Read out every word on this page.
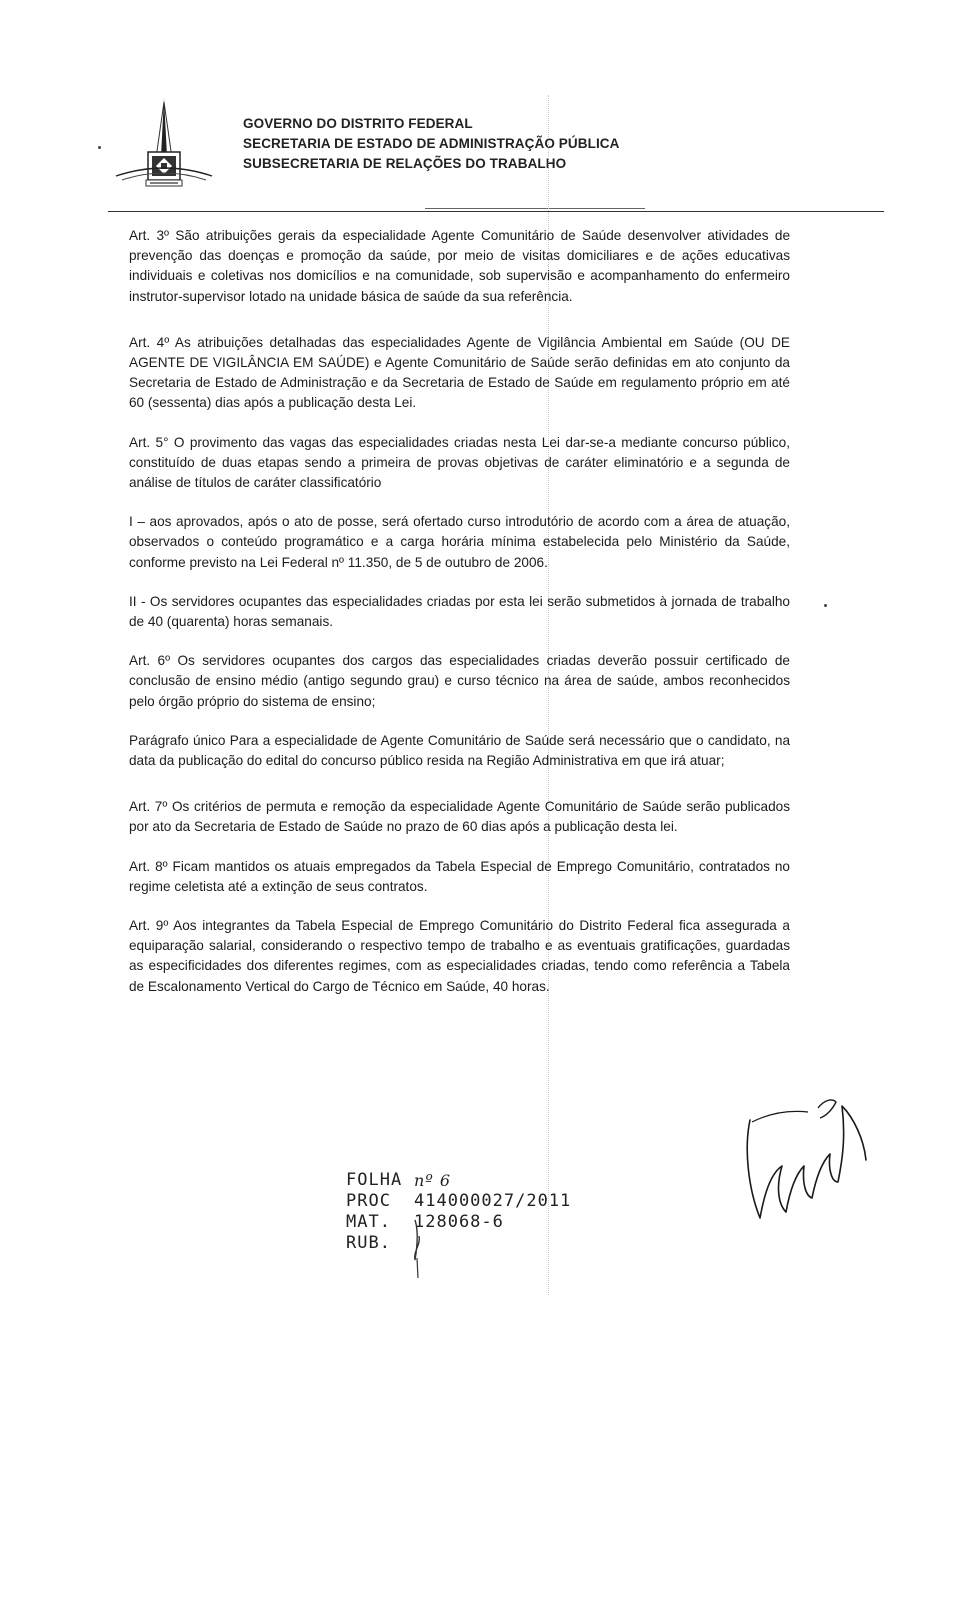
GOVERNO DO DISTRITO FEDERAL
SECRETARIA DE ESTADO DE ADMINISTRAÇÃO PÚBLICA
SUBSECRETARIA DE RELAÇÕES DO TRABALHO

Art. 3º São atribuições gerais da especialidade Agente Comunitário de Saúde desenvolver atividades de prevenção das doenças e promoção da saúde, por meio de visitas domiciliares e de ações educativas individuais e coletivas nos domicílios e na comunidade, sob supervisão e acompanhamento do enfermeiro instrutor-supervisor lotado na unidade básica de saúde da sua referência.

Art. 4º As atribuições detalhadas das especialidades Agente de Vigilância Ambiental em Saúde (OU DE AGENTE DE VIGILÂNCIA EM SAÚDE) e Agente Comunitário de Saúde serão definidas em ato conjunto da Secretaria de Estado de Administração e da Secretaria de Estado de Saúde em regulamento próprio em até 60 (sessenta) dias após a publicação desta Lei.

Art. 5° O provimento das vagas das especialidades criadas nesta Lei dar-se-a mediante concurso público, constituído de duas etapas sendo a primeira de provas objetivas de caráter eliminatório e a segunda de análise de títulos de caráter classificatório

I – aos aprovados, após o ato de posse, será ofertado curso introdutório de acordo com a área de atuação, observados o conteúdo programático e a carga horária mínima estabelecida pelo Ministério da Saúde, conforme previsto na Lei Federal nº 11.350, de 5 de outubro de 2006.

II - Os servidores ocupantes das especialidades criadas por esta lei serão submetidos à jornada de trabalho de 40 (quarenta) horas semanais.

Art. 6º Os servidores ocupantes dos cargos das especialidades criadas deverão possuir certificado de conclusão de ensino médio (antigo segundo grau) e curso técnico na área de saúde, ambos reconhecidos pelo órgão próprio do sistema de ensino;

Parágrafo único Para a especialidade de Agente Comunitário de Saúde será necessário que o candidato, na data da publicação do edital do concurso público resida na Região Administrativa em que irá atuar;

Art. 7º Os critérios de permuta e remoção da especialidade Agente Comunitário de Saúde serão publicados por ato da Secretaria de Estado de Saúde no prazo de 60 dias após a publicação desta lei.

Art. 8º Ficam mantidos os atuais empregados da Tabela Especial de Emprego Comunitário, contratados no regime celetista até a extinção de seus contratos.

Art. 9º Aos integrantes da Tabela Especial de Emprego Comunitário do Distrito Federal fica assegurada a equiparação salarial, considerando o respectivo tempo de trabalho e as eventuais gratificações, guardadas as especificidades dos diferentes regimes, com as especialidades criadas, tendo como referência a Tabela de Escalonamento Vertical do Cargo de Técnico em Saúde, 40 horas.

FOLHA nº 6
PROC	414000027/2011
MAT.	128068-6
RUB.
